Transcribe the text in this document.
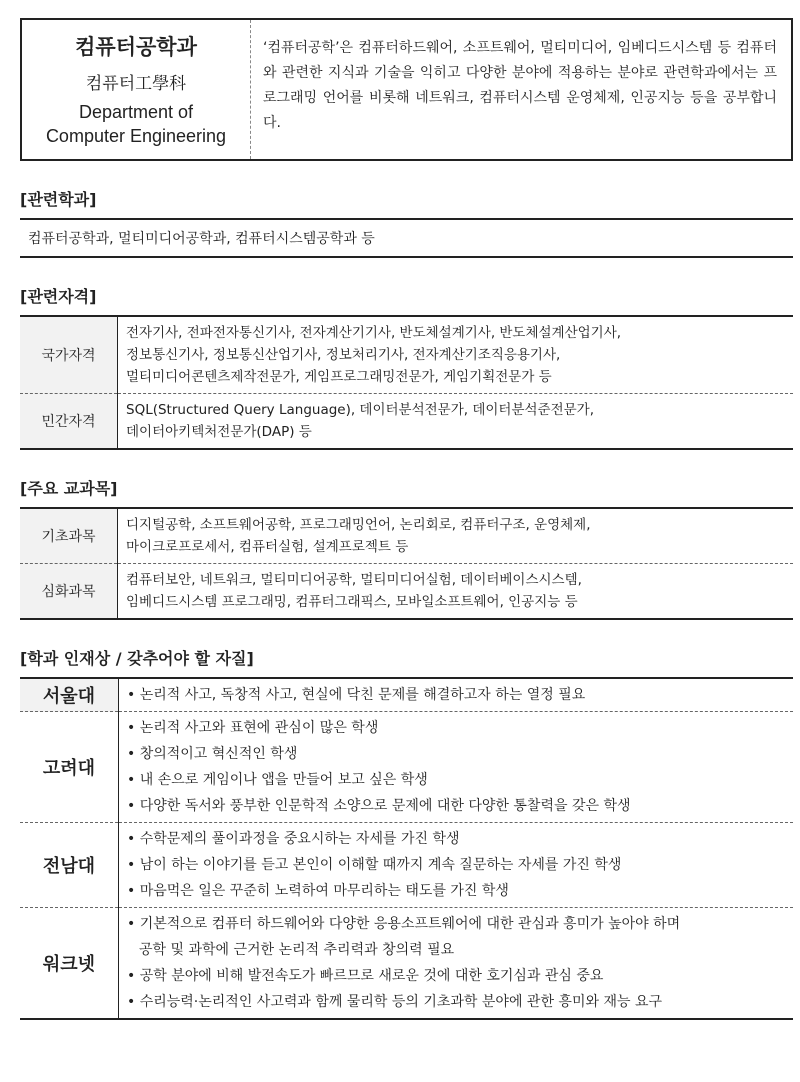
컴퓨터공학과
컴퓨터工學科
Department of
Computer Engineering
‘컴퓨터공학’은 컴퓨터하드웨어, 소프트웨어, 멀티미디어, 임베디드시스템 등 컴퓨터와 관련한 지식과 기술을 익히고 다양한 분야에 적용하는 분야로 관련학과에서는 프로그래밍 언어를 비롯해 네트워크, 컴퓨터시스템 운영체제, 인공지능 등을 공부합니다.
[관련학과]
컴퓨터공학과, 멀티미디어공학과, 컴퓨터시스템공학과 등
[관련자격]
국가자격	전자기사, 전파전자통신기사, 전자계산기기사, 반도체설계기사, 반도체설계산업기사,
정보통신기사, 정보통신산업기사, 정보처리기사, 전자계산기조직응용기사,
멀티미디어콘텐츠제작전문가, 게임프로그래밍전문가, 게임기획전문가 등

민간자격	SQL(Structured Query Language), 데이터분석전문가, 데이터분석준전문가,
데이터아키텍처전문가(DAP) 등
[주요 교과목]
기초과목	디지털공학, 소프트웨어공학, 프로그래밍언어, 논리회로, 컴퓨터구조, 운영체제,
마이크로프로세서, 컴퓨터실험, 설계프로젝트 등

심화과목	컴퓨터보안, 네트워크, 멀티미디어공학, 멀티미디어실험, 데이터베이스시스템,
임베디드시스템 프로그래밍, 컴퓨터그래픽스, 모바일소프트웨어, 인공지능 등
[학과 인재상 / 갖추어야 할 자질]
서울대	• 논리적 사고, 독창적 사고, 현실에 닥친 문제를 해결하고자 하는 열정 필요

고려대	• 논리적 사고와 표현에 관심이 많은 학생
• 창의적이고 혁신적인 학생
• 내 손으로 게임이나 앱을 만들어 보고 싶은 학생
• 다양한 독서와 풍부한 인문학적 소양으로 문제에 대한 다양한 통찰력을 갖은 학생

전남대	• 수학문제의 풀이과정을 중요시하는 자세를 가진 학생
• 남이 하는 이야기를 듣고 본인이 이해할 때까지 계속 질문하는 자세를 가진 학생
• 마음먹은 일은 꾸준히 노력하여 마무리하는 태도를 가진 학생

워크넷	• 기본적으로 컴퓨터 하드웨어와 다양한 응용소프트웨어에 대한 관심과 흥미가 높아야 하며
공학 및 과학에 근거한 논리적 추리력과 창의력 필요
• 공학 분야에 비해 발전속도가 빠르므로 새로운 것에 대한 호기심과 관심 중요
• 수리능력·논리적인 사고력과 함께 물리학 등의 기초과학 분야에 관한 흥미와 재능 요구
